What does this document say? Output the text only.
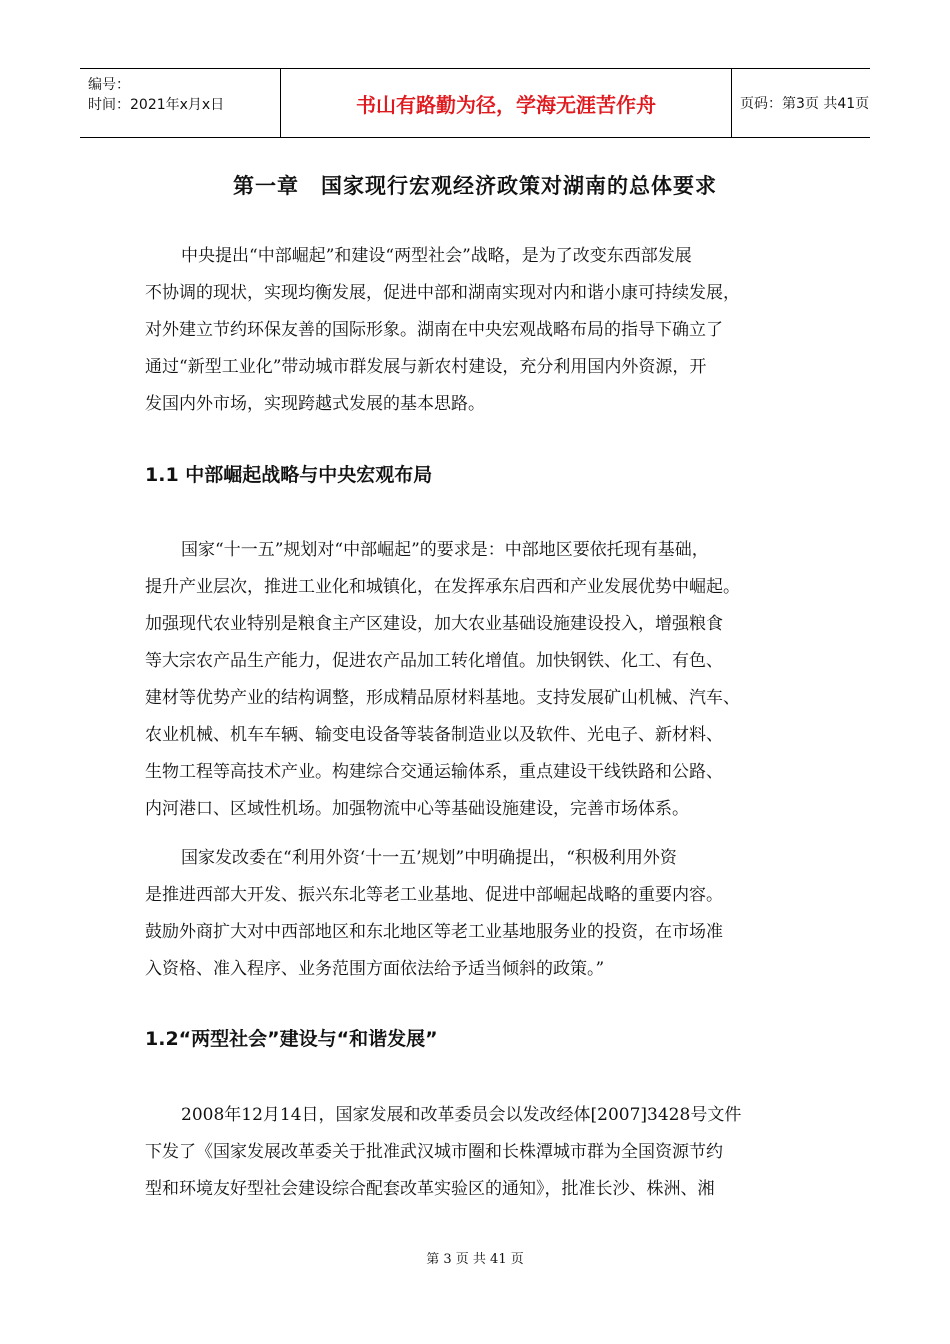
编号：
时间：2021年x月x日	书山有路勤为径，学海无涯苦作舟	页码：第3页 共41页
第一章　国家现行宏观经济政策对湖南的总体要求
中央提出“中部崛起”和建设“两型社会”战略，是为了改变东西部发展
不协调的现状，实现均衡发展，促进中部和湖南实现对内和谐小康可持续发展，
对外建立节约环保友善的国际形象。湖南在中央宏观战略布局的指导下确立了
通过“新型工业化”带动城市群发展与新农村建设，充分利用国内外资源，开
发国内外市场，实现跨越式发展的基本思路。
1.1 中部崛起战略与中央宏观布局
国家“十一五”规划对“中部崛起”的要求是：中部地区要依托现有基础，
提升产业层次，推进工业化和城镇化，在发挥承东启西和产业发展优势中崛起。
加强现代农业特别是粮食主产区建设，加大农业基础设施建设投入，增强粮食
等大宗农产品生产能力，促进农产品加工转化增值。加快钢铁、化工、有色、
建材等优势产业的结构调整，形成精品原材料基地。支持发展矿山机械、汽车、
农业机械、机车车辆、输变电设备等装备制造业以及软件、光电子、新材料、
生物工程等高技术产业。构建综合交通运输体系，重点建设干线铁路和公路、
内河港口、区域性机场。加强物流中心等基础设施建设，完善市场体系。
国家发改委在“利用外资‘十一五’规划”中明确提出，“积极利用外资
是推进西部大开发、振兴东北等老工业基地、促进中部崛起战略的重要内容。
鼓励外商扩大对中西部地区和东北地区等老工业基地服务业的投资，在市场准
入资格、准入程序、业务范围方面依法给予适当倾斜的政策。”
1.2“两型社会”建设与“和谐发展”
2008年12月14日，国家发展和改革委员会以发改经体[2007]3428号文件
下发了《国家发展改革委关于批准武汉城市圈和长株潭城市群为全国资源节约
型和环境友好型社会建设综合配套改革实验区的通知》，批准长沙、株洲、湘
第 3 页 共 41 页
